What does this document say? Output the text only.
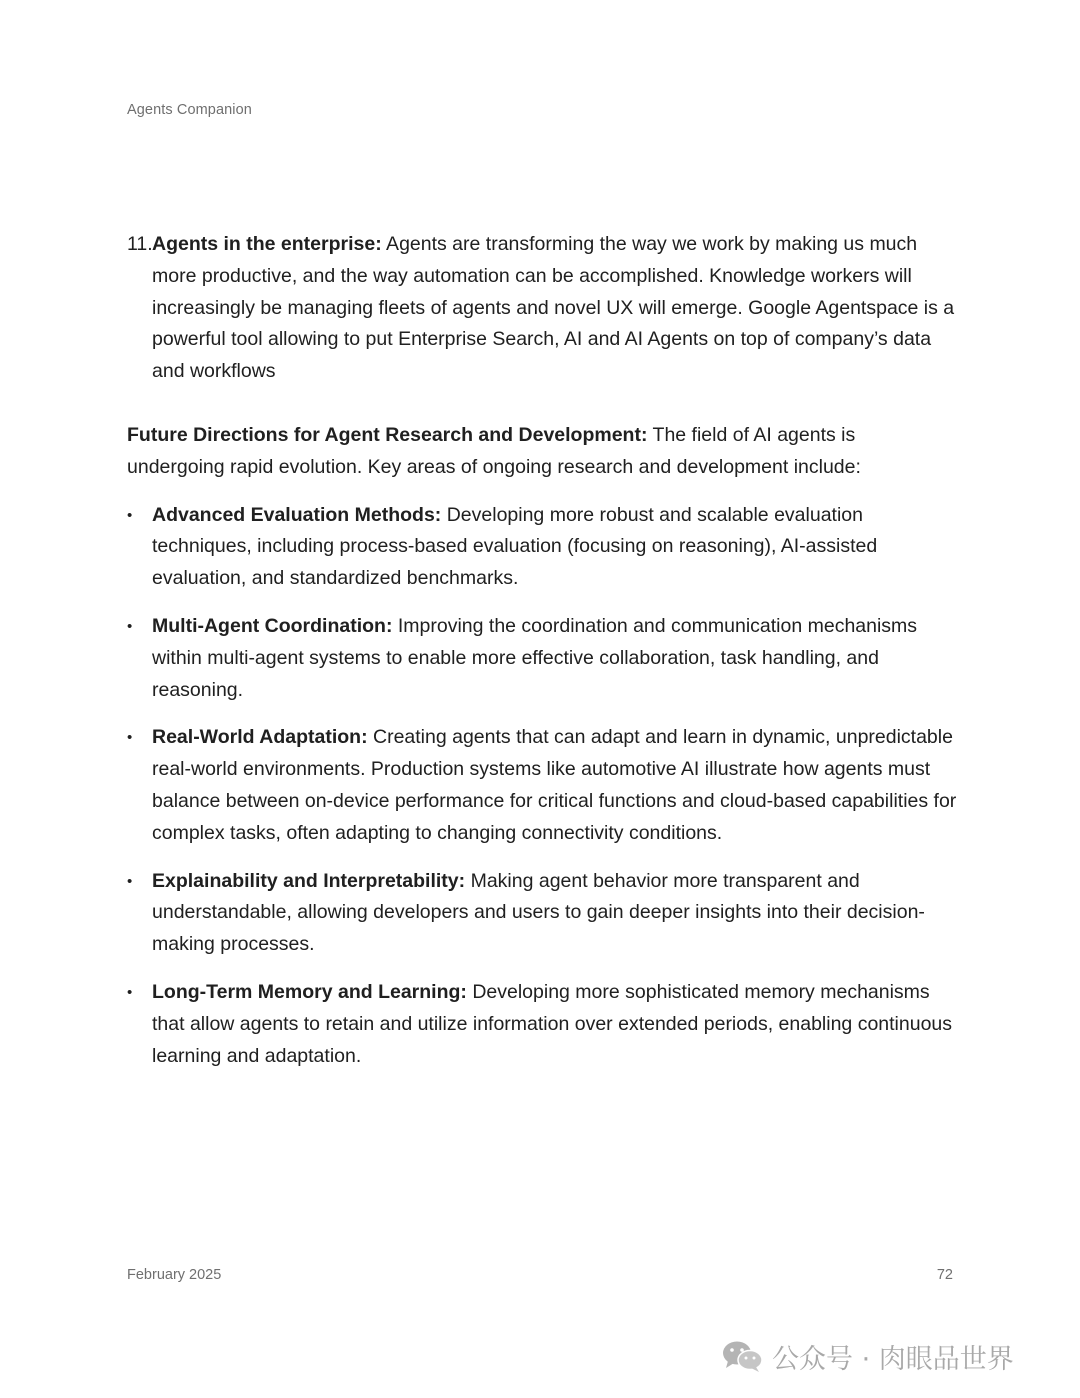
Agents Companion

11. Agents in the enterprise: Agents are transforming the way we work by making us much more productive, and the way automation can be accomplished. Knowledge workers will increasingly be managing fleets of agents and novel UX will emerge. Google Agentspace is a powerful tool allowing to put Enterprise Search, AI and AI Agents on top of company’s data and workflows

Future Directions for Agent Research and Development: The field of AI agents is undergoing rapid evolution. Key areas of ongoing research and development include:

• Advanced Evaluation Methods: Developing more robust and scalable evaluation techniques, including process-based evaluation (focusing on reasoning), AI-assisted evaluation, and standardized benchmarks.
• Multi-Agent Coordination: Improving the coordination and communication mechanisms within multi-agent systems to enable more effective collaboration, task handling, and reasoning.
• Real-World Adaptation: Creating agents that can adapt and learn in dynamic, unpredictable real-world environments. Production systems like automotive AI illustrate how agents must balance between on-device performance for critical functions and cloud-based capabilities for complex tasks, often adapting to changing connectivity conditions.
• Explainability and Interpretability: Making agent behavior more transparent and understandable, allowing developers and users to gain deeper insights into their decision-making processes.
• Long-Term Memory and Learning: Developing more sophisticated memory mechanisms that allow agents to retain and utilize information over extended periods, enabling continuous learning and adaptation.
February 2025	72
公众号 · 肉眼品世界
